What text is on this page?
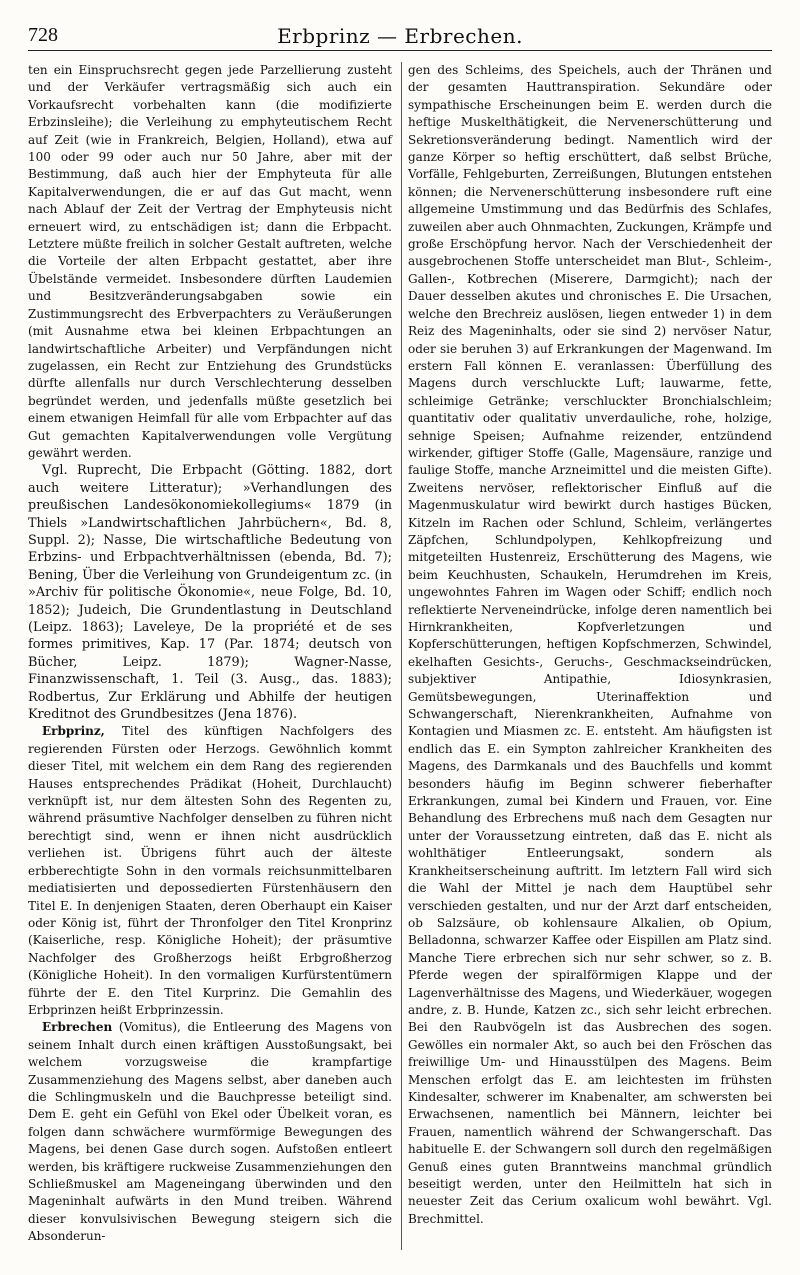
728	Erbprinz — Erbrechen.

ten ein Einspruchsrecht gegen jede Parzellierung zusteht und der Verkäufer vertragsmäßig sich auch ein Vorkaufsrecht vorbehalten kann (die modifizierte Erbzinsleihe); die Verleihung zu emphyteutischem Recht auf Zeit (wie in Frankreich, Belgien, Holland), etwa auf 100 oder 99 oder auch nur 50 Jahre, aber mit der Bestimmung, daß auch hier der Emphyteuta für alle Kapitalverwendungen, die er auf das Gut macht, wenn nach Ablauf der Zeit der Vertrag der Emphyteusis nicht erneuert wird, zu entschädigen ist; dann die Erbpacht. Letztere müßte freilich in solcher Gestalt auftreten, welche die Vorteile der alten Erbpacht gestattet, aber ihre Übelstände vermeidet. Insbesondere dürften Laudemien und Besitzveränderungsabgaben sowie ein Zustimmungsrecht des Erbverpachters zu Veräußerungen (mit Ausnahme etwa bei kleinen Erbpachtungen an landwirtschaftliche Arbeiter) und Verpfändungen nicht zugelassen, ein Recht zur Entziehung des Grundstücks dürfte allenfalls nur durch Verschlechterung desselben begründet werden, und jedenfalls müßte gesetzlich bei einem etwanigen Heimfall für alle vom Erbpachter auf das Gut gemachten Kapitalverwendungen volle Vergütung gewährt werden.

Vgl. Ruprecht, Die Erbpacht (Götting. 1882, dort auch weitere Litteratur); »Verhandlungen des preußischen Landesökonomiekollegiums« 1879 (in Thiels »Landwirtschaftlichen Jahrbüchern«, Bd. 8, Suppl. 2); Nasse, Die wirtschaftliche Bedeutung von Erbzins- und Erbpachtverhältnissen (ebenda, Bd. 7); Bening, Über die Verleihung von Grundeigentum zc. (in »Archiv für politische Ökonomie«, neue Folge, Bd. 10, 1852); Judeich, Die Grundentlastung in Deutschland (Leipz. 1863); Laveleye, De la propriété et de ses formes primitives, Kap. 17 (Par. 1874; deutsch von Bücher, Leipz. 1879); Wagner-Nasse, Finanzwissenschaft, 1. Teil (3. Ausg., das. 1883); Rodbertus, Zur Erklärung und Abhilfe der heutigen Kreditnot des Grundbesitzes (Jena 1876).

Erbprinz, Titel des künftigen Nachfolgers des regierenden Fürsten oder Herzogs. Gewöhnlich kommt dieser Titel, mit welchem ein dem Rang des regierenden Hauses entsprechendes Prädikat (Hoheit, Durchlaucht) verknüpft ist, nur dem ältesten Sohn des Regenten zu, während präsumtive Nachfolger denselben zu führen nicht berechtigt sind, wenn er ihnen nicht ausdrücklich verliehen ist. Übrigens führt auch der älteste erbberechtigte Sohn in den vormals reichsunmittelbaren mediatisierten und depossedierten Fürstenhäusern den Titel E. In denjenigen Staaten, deren Oberhaupt ein Kaiser oder König ist, führt der Thronfolger den Titel Kronprinz (Kaiserliche, resp. Königliche Hoheit); der präsumtive Nachfolger des Großherzogs heißt Erbgroßherzog (Königliche Hoheit). In den vormaligen Kurfürstentümern führte der E. den Titel Kurprinz. Die Gemahlin des Erbprinzen heißt Erbprinzessin.

Erbrechen (Vomitus), die Entleerung des Magens von seinem Inhalt durch einen kräftigen Ausstoßungsakt, bei welchem vorzugsweise die krampfartige Zusammenziehung des Magens selbst, aber daneben auch die Schlingmuskeln und die Bauchpresse beteiligt sind. Dem E. geht ein Gefühl von Ekel oder Übelkeit voran, es folgen dann schwächere wurmförmige Bewegungen des Magens, bei denen Gase durch sogen. Aufstoßen entleert werden, bis kräftigere ruckweise Zusammenziehungen den Schließmuskel am Mageneingang überwinden und den Mageninhalt aufwärts in den Mund treiben. Während dieser konvulsivischen Bewegung steigern sich die Absonderun-

gen des Schleims, des Speichels, auch der Thränen und der gesamten Hauttranspiration. Sekundäre oder sympathische Erscheinungen beim E. werden durch die heftige Muskelthätigkeit, die Nervenerschütterung und Sekretionsveränderung bedingt. Namentlich wird der ganze Körper so heftig erschüttert, daß selbst Brüche, Vorfälle, Fehlgeburten, Zerreißungen, Blutungen entstehen können; die Nervenerschütterung insbesondere ruft eine allgemeine Umstimmung und das Bedürfnis des Schlafes, zuweilen aber auch Ohnmachten, Zuckungen, Krämpfe und große Erschöpfung hervor. Nach der Verschiedenheit der ausgebrochenen Stoffe unterscheidet man Blut-, Schleim-, Gallen-, Kotbrechen (Miserere, Darmgicht); nach der Dauer desselben akutes und chronisches E. Die Ursachen, welche den Brechreiz auslösen, liegen entweder 1) in dem Reiz des Mageninhalts, oder sie sind 2) nervöser Natur, oder sie beruhen 3) auf Erkrankungen der Magenwand. Im erstern Fall können E. veranlassen: Überfüllung des Magens durch verschluckte Luft; lauwarme, fette, schleimige Getränke; verschluckter Bronchialschleim; quantitativ oder qualitativ unverdauliche, rohe, holzige, sehnige Speisen; Aufnahme reizender, entzündend wirkender, giftiger Stoffe (Galle, Magensäure, ranzige und faulige Stoffe, manche Arzneimittel und die meisten Gifte). Zweitens nervöser, reflektorischer Einfluß auf die Magenmuskulatur wird bewirkt durch hastiges Bücken, Kitzeln im Rachen oder Schlund, Schleim, verlängertes Zäpfchen, Schlundpolypen, Kehlkopfreizung und mitgeteilten Hustenreiz, Erschütterung des Magens, wie beim Keuchhusten, Schaukeln, Herumdrehen im Kreis, ungewohntes Fahren im Wagen oder Schiff; endlich noch reflektierte Nerveneindrücke, infolge deren namentlich bei Hirnkrankheiten, Kopfverletzungen und Kopferschütterungen, heftigen Kopfschmerzen, Schwindel, ekelhaften Gesichts-, Geruchs-, Geschmackseindrücken, subjektiver Antipathie, Idiosynkrasien, Gemütsbewegungen, Uterinaffektion und Schwangerschaft, Nierenkrankheiten, Aufnahme von Kontagien und Miasmen zc. E. entsteht. Am häufigsten ist endlich das E. ein Sympton zahlreicher Krankheiten des Magens, des Darmkanals und des Bauchfells und kommt besonders häufig im Beginn schwerer fieberhafter Erkrankungen, zumal bei Kindern und Frauen, vor. Eine Behandlung des Erbrechens muß nach dem Gesagten nur unter der Voraussetzung eintreten, daß das E. nicht als wohlthätiger Entleerungsakt, sondern als Krankheitserscheinung auftritt. Im letztern Fall wird sich die Wahl der Mittel je nach dem Hauptübel sehr verschieden gestalten, und nur der Arzt darf entscheiden, ob Salzsäure, ob kohlensaure Alkalien, ob Opium, Belladonna, schwarzer Kaffee oder Eispillen am Platz sind. Manche Tiere erbrechen sich nur sehr schwer, so z. B. Pferde wegen der spiralförmigen Klappe und der Lagenverhältnisse des Magens, und Wiederkäuer, wogegen andre, z. B. Hunde, Katzen zc., sich sehr leicht erbrechen. Bei den Raubvögeln ist das Ausbrechen des sogen. Gewölles ein normaler Akt, so auch bei den Fröschen das freiwillige Um- und Hinausstülpen des Magens. Beim Menschen erfolgt das E. am leichtesten im frühsten Kindesalter, schwerer im Knabenalter, am schwersten bei Erwachsenen, namentlich bei Männern, leichter bei Frauen, namentlich während der Schwangerschaft. Das habituelle E. der Schwangern soll durch den regelmäßigen Genuß eines guten Branntweins manchmal gründlich beseitigt werden, unter den Heilmitteln hat sich in neuester Zeit das Cerium oxalicum wohl bewährt. Vgl. Brechmittel.
